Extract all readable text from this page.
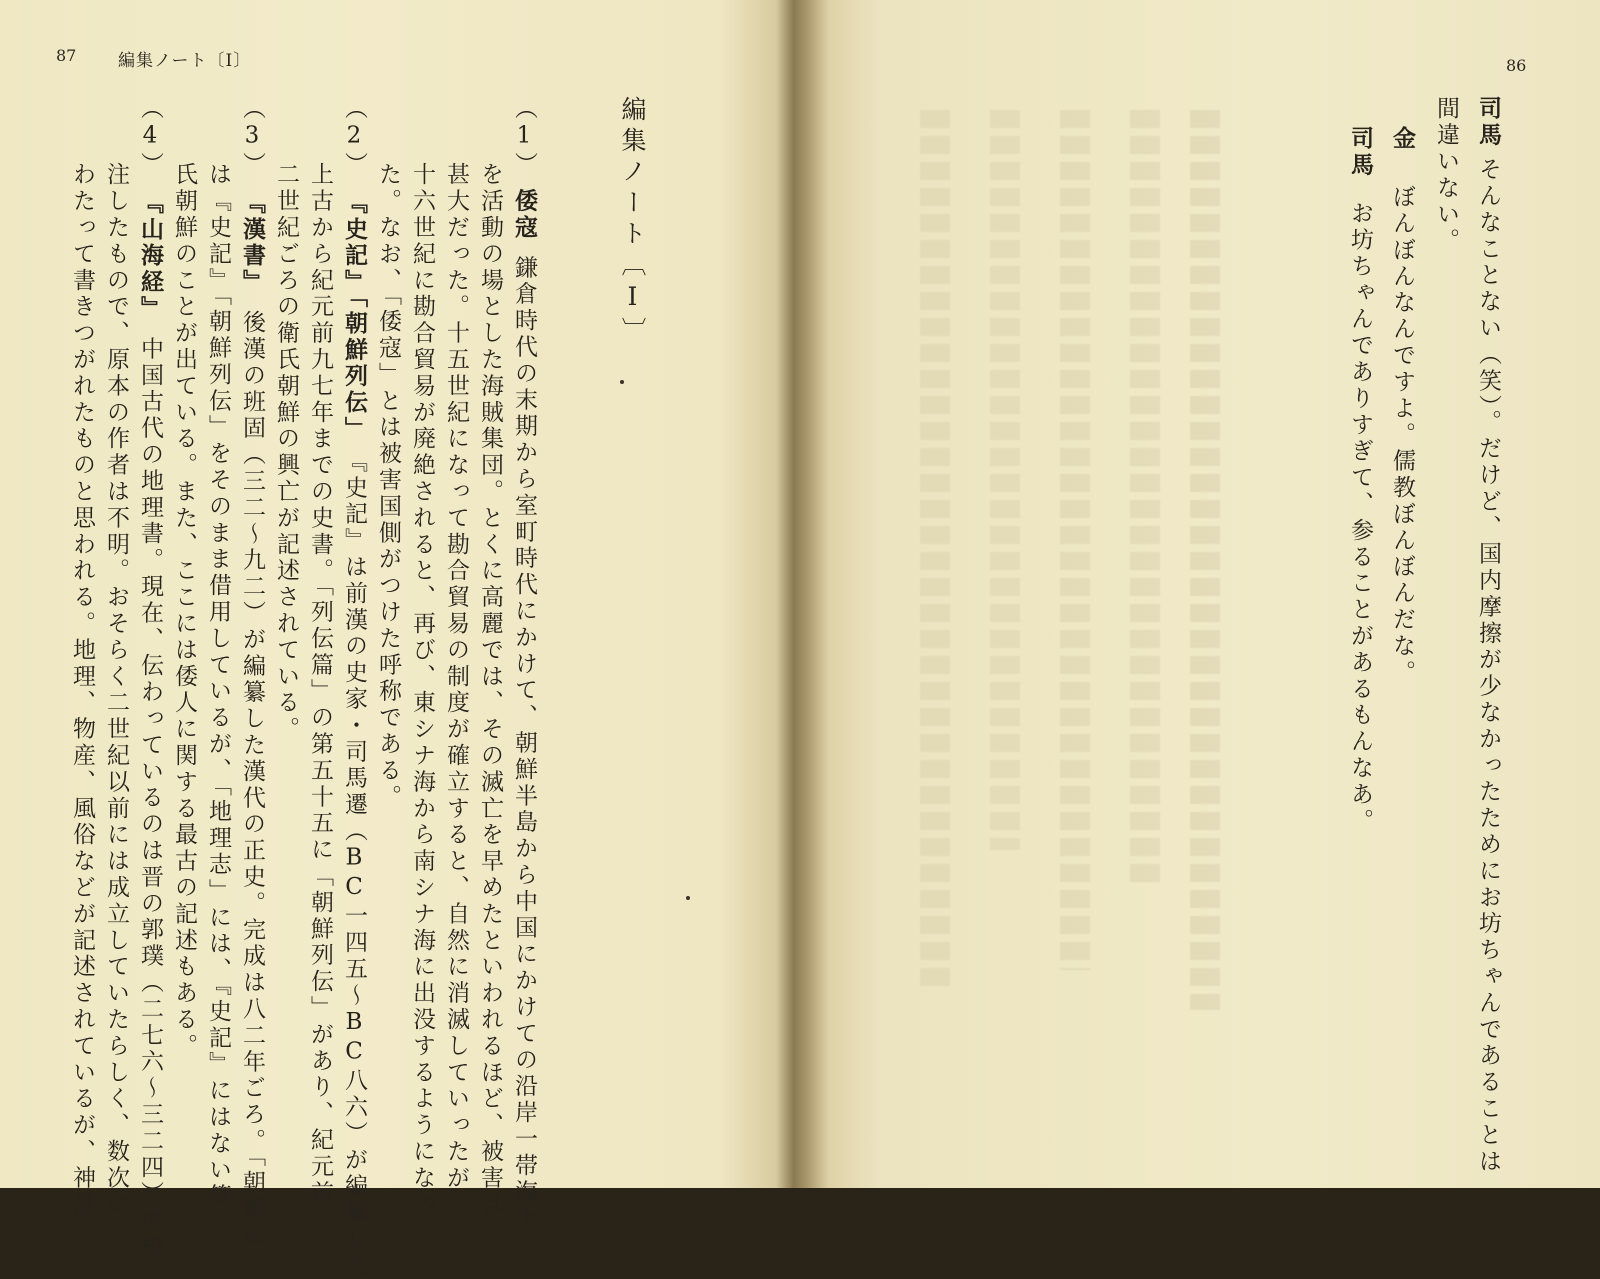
87 編集ノート〔I〕
編集ノート〔I〕
（1）倭寇鎌倉時代の末期から室町時代にかけて、朝鮮半島から中国にかけての沿岸一帯海上
を活動の場とした海賊集団。とくに高麗では、その滅亡を早めたといわれるほど、被害は
甚大だった。十五世紀になって勘合貿易の制度が確立すると、自然に消滅していったが、
十六世紀に勘合貿易が廃絶されると、再び、東シナ海から南シナ海に出没するようになっ
た。なお、「倭寇」とは被害国側がつけた呼称である。
（2）『史記』「朝鮮列伝」『史記』は前漢の史家・司馬遷（BC一四五～BC八六）が編纂した
上古から紀元前九七年までの史書。「列伝篇」の第五十五に「朝鮮列伝」があり、紀元前
二世紀ごろの衛氏朝鮮の興亡が記述されている。
（3）『漢書』後漢の班固（三二～九二）が編纂した漢代の正史。完成は八二年ごろ。「朝鮮伝」
は『史記』「朝鮮列伝」をそのまま借用しているが、「地理志」には、『史記』にはない箕
氏朝鮮のことが出ている。また、ここには倭人に関する最古の記述もある。
（4）『山海経』中国古代の地理書。現在、伝わっているのは晋の郭璞（二七六～三二四）の校
注したもので、原本の作者は不明。おそらく二世紀以前には成立していたらしく、数次に
わたって書きつがれたものと思われる。地理、物産、風俗などが記述されているが、神話
86
司馬そんなことない（笑）。だけど、国内摩擦が少なかったためにお坊ちゃんであることは
間違いない。
金ぼんぼんなんですよ。儒教ぼんぼんだな。
司馬お坊ちゃんでありすぎて、参ることがあるもんなあ。
